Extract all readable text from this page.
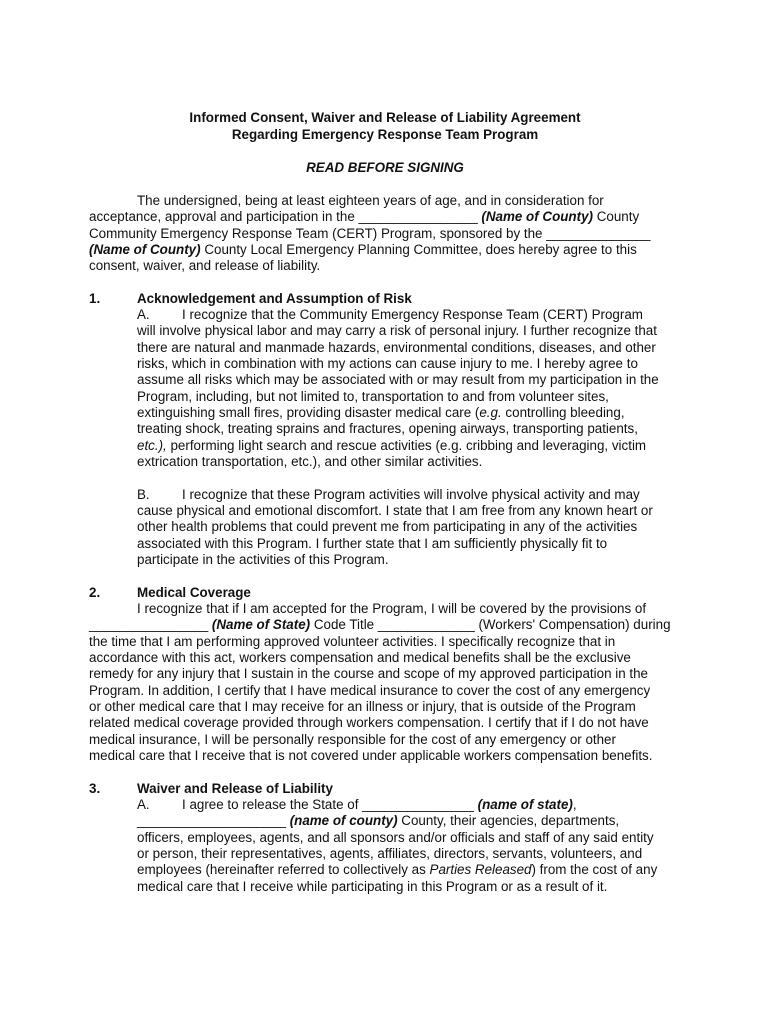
Informed Consent, Waiver and Release of Liability Agreement
Regarding Emergency Response Team Program
READ BEFORE SIGNING
The undersigned, being at least eighteen years of age, and in consideration for
acceptance, approval and participation in the ________________ (Name of County) County
Community Emergency Response Team (CERT) Program, sponsored by the ______________
(Name of County) County Local Emergency Planning Committee, does hereby agree to this
consent, waiver, and release of liability.
1.	Acknowledgement and Assumption of Risk
A. I recognize that the Community Emergency Response Team (CERT) Program
will involve physical labor and may carry a risk of personal injury. I further recognize that
there are natural and manmade hazards, environmental conditions, diseases, and other
risks, which in combination with my actions can cause injury to me. I hereby agree to
assume all risks which may be associated with or may result from my participation in the
Program, including, but not limited to, transportation to and from volunteer sites,
extinguishing small fires, providing disaster medical care (e.g. controlling bleeding,
treating shock, treating sprains and fractures, opening airways, transporting patients,
etc.), performing light search and rescue activities (e.g. cribbing and leveraging, victim
extrication transportation, etc.), and other similar activities.
B. I recognize that these Program activities will involve physical activity and may
cause physical and emotional discomfort. I state that I am free from any known heart or
other health problems that could prevent me from participating in any of the activities
associated with this Program. I further state that I am sufficiently physically fit to
participate in the activities of this Program.
2.	Medical Coverage
I recognize that if I am accepted for the Program, I will be covered by the provisions of
________________ (Name of State) Code Title _____________ (Workers' Compensation) during
the time that I am performing approved volunteer activities. I specifically recognize that in
accordance with this act, workers compensation and medical benefits shall be the exclusive
remedy for any injury that I sustain in the course and scope of my approved participation in the
Program. In addition, I certify that I have medical insurance to cover the cost of any emergency
or other medical care that I may receive for an illness or injury, that is outside of the Program
related medical coverage provided through workers compensation. I certify that if I do not have
medical insurance, I will be personally responsible for the cost of any emergency or other
medical care that I receive that is not covered under applicable workers compensation benefits.
3.	Waiver and Release of Liability
A. I agree to release the State of _______________ (name of state),
____________________ (name of county) County, their agencies, departments,
officers, employees, agents, and all sponsors and/or officials and staff of any said entity
or person, their representatives, agents, affiliates, directors, servants, volunteers, and
employees (hereinafter referred to collectively as Parties Released) from the cost of any
medical care that I receive while participating in this Program or as a result of it.
